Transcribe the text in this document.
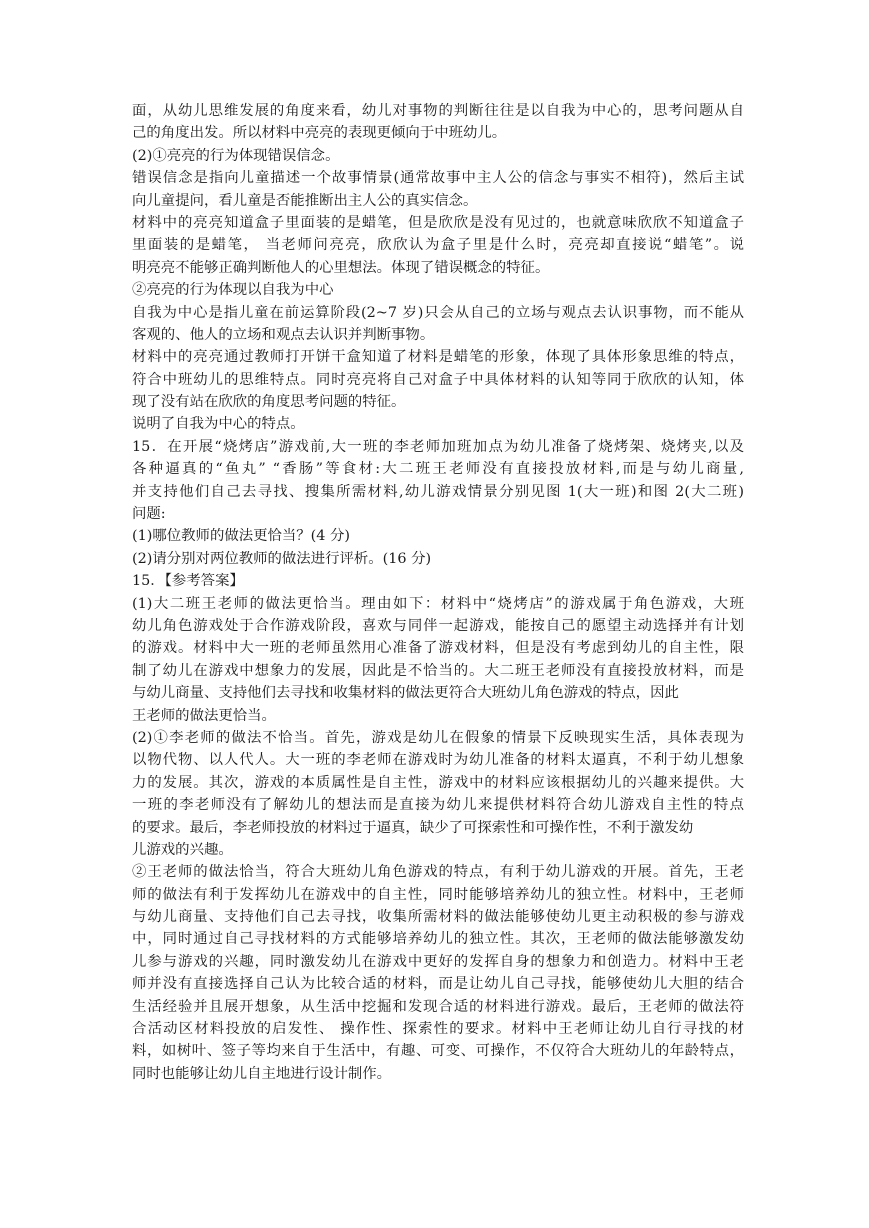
面，从幼儿思维发展的角度来看，幼儿对事物的判断往往是以自我为中心的，思考问题从自
己的角度出发。所以材料中亮亮的表现更倾向于中班幼儿。
(2)①亮亮的行为体现错误信念。
错误信念是指向儿童描述一个故事情景(通常故事中主人公的信念与事实不相符)，然后主试
向儿童提问，看儿童是否能推断出主人公的真实信念。
材料中的亮亮知道盒子里面装的是蜡笔，但是欣欣是没有见过的，也就意味欣欣不知道盒子
里面装的是蜡笔， 当老师问亮亮，欣欣认为盒子里是什么时，亮亮却直接说“蜡笔”。说
明亮亮不能够正确判断他人的心里想法。体现了错误概念的特征。
②亮亮的行为体现以自我为中心
自我为中心是指儿童在前运算阶段(2~7 岁)只会从自己的立场与观点去认识事物，而不能从
客观的、他人的立场和观点去认识并判断事物。
材料中的亮亮通过教师打开饼干盒知道了材料是蜡笔的形象，体现了具体形象思维的特点，
符合中班幼儿的思维特点。同时亮亮将自己对盒子中具体材料的认知等同于欣欣的认知，体
现了没有站在欣欣的角度思考问题的特征。
说明了自我为中心的特点。
15．在开展“烧烤店”游戏前,大一班的李老师加班加点为幼儿准备了烧烤架、烧烤夹,以及
各种逼真的“鱼丸” “香肠”等食材:大二班王老师没有直接投放材料,而是与幼儿商量,
并支持他们自己去寻找、搜集所需材料,幼儿游戏情景分别见图 1(大一班)和图 2(大二班)
问题:
(1)哪位教师的做法更恰当？(4 分)
(2)请分别对两位教师的做法进行评析。(16 分)
15．【参考答案】
(1)大二班王老师的做法更恰当。理由如下：材料中“烧烤店”的游戏属于角色游戏，大班
幼儿角色游戏处于合作游戏阶段，喜欢与同伴一起游戏，能按自己的愿望主动选择并有计划
的游戏。材料中大一班的老师虽然用心准备了游戏材料，但是没有考虑到幼儿的自主性，限
制了幼儿在游戏中想象力的发展，因此是不恰当的。大二班王老师没有直接投放材料，而是
与幼儿商量、支持他们去寻找和收集材料的做法更符合大班幼儿角色游戏的特点，因此
王老师的做法更恰当。
(2)①李老师的做法不恰当。首先，游戏是幼儿在假象的情景下反映现实生活，具体表现为
以物代物、以人代人。大一班的李老师在游戏时为幼儿准备的材料太逼真，不利于幼儿想象
力的发展。其次，游戏的本质属性是自主性，游戏中的材料应该根据幼儿的兴趣来提供。大
一班的李老师没有了解幼儿的想法而是直接为幼儿来提供材料符合幼儿游戏自主性的特点
的要求。最后，李老师投放的材料过于逼真，缺少了可探索性和可操作性，不利于激发幼
儿游戏的兴趣。
②王老师的做法恰当，符合大班幼儿角色游戏的特点，有利于幼儿游戏的开展。首先，王老
师的做法有利于发挥幼儿在游戏中的自主性，同时能够培养幼儿的独立性。材料中，王老师
与幼儿商量、支持他们自己去寻找，收集所需材料的做法能够使幼儿更主动积极的参与游戏
中，同时通过自己寻找材料的方式能够培养幼儿的独立性。其次，王老师的做法能够激发幼
儿参与游戏的兴趣，同时激发幼儿在游戏中更好的发挥自身的想象力和创造力。材料中王老
师并没有直接选择自己认为比较合适的材料，而是让幼儿自己寻找，能够使幼儿大胆的结合
生活经验并且展开想象，从生活中挖掘和发现合适的材料进行游戏。最后，王老师的做法符
合活动区材料投放的启发性、 操作性、探索性的要求。材料中王老师让幼儿自行寻找的材
料，如树叶、签子等均来自于生活中，有趣、可变、可操作，不仅符合大班幼儿的年龄特点，
同时也能够让幼儿自主地进行设计制作。
